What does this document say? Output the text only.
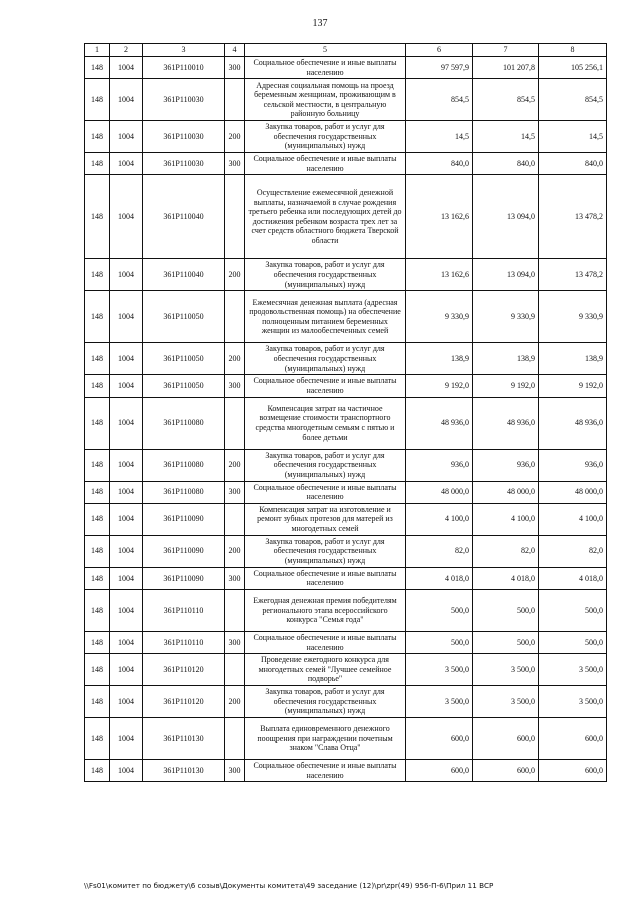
137
1	2	3	4	5	6	7	8
148	1004	361Р110010	300	Социальное обеспечение и иные выплаты населению	97 597,9	101 207,8	105 256,1
148	1004	361Р110030		Адресная социальная помощь на проезд беременным женщинам, проживающим в сельской местности, в центральную районную больницу	854,5	854,5	854,5
148	1004	361Р110030	200	Закупка товаров, работ и услуг для обеспечения государственных (муниципальных) нужд	14,5	14,5	14,5
148	1004	361Р110030	300	Социальное обеспечение и иные выплаты населению	840,0	840,0	840,0
148	1004	361Р110040		Осуществление ежемесячной денежной выплаты, назначаемой в случае рождения третьего ребенка или последующих детей до достижения ребенком возраста трех лет за счет средств областного бюджета Тверской области	13 162,6	13 094,0	13 478,2
148	1004	361Р110040	200	Закупка товаров, работ и услуг для обеспечения государственных (муниципальных) нужд	13 162,6	13 094,0	13 478,2
148	1004	361Р110050		Ежемесячная денежная выплата (адресная продовольственная помощь) на обеспечение полноценным питанием беременных женщин из малообеспеченных семей	9 330,9	9 330,9	9 330,9
148	1004	361Р110050	200	Закупка товаров, работ и услуг для обеспечения государственных (муниципальных) нужд	138,9	138,9	138,9
148	1004	361Р110050	300	Социальное обеспечение и иные выплаты населению	9 192,0	9 192,0	9 192,0
148	1004	361Р110080		Компенсация затрат на частичное возмещение стоимости транспортного средства многодетным семьям с пятью и более детьми	48 936,0	48 936,0	48 936,0
148	1004	361Р110080	200	Закупка товаров, работ и услуг для обеспечения государственных (муниципальных) нужд	936,0	936,0	936,0
148	1004	361Р110080	300	Социальное обеспечение и иные выплаты населению	48 000,0	48 000,0	48 000,0
148	1004	361Р110090		Компенсация затрат на изготовление и ремонт зубных протезов для матерей из многодетных семей	4 100,0	4 100,0	4 100,0
148	1004	361Р110090	200	Закупка товаров, работ и услуг для обеспечения государственных (муниципальных) нужд	82,0	82,0	82,0
148	1004	361Р110090	300	Социальное обеспечение и иные выплаты населению	4 018,0	4 018,0	4 018,0
148	1004	361Р110110		Ежегодная денежная премия победителям регионального этапа всероссийского конкурса "Семья года"	500,0	500,0	500,0
148	1004	361Р110110	300	Социальное обеспечение и иные выплаты населению	500,0	500,0	500,0
148	1004	361Р110120		Проведение ежегодного конкурса для многодетных семей "Лучшее семейное подворье"	3 500,0	3 500,0	3 500,0
148	1004	361Р110120	200	Закупка товаров, работ и услуг для обеспечения государственных (муниципальных) нужд	3 500,0	3 500,0	3 500,0
148	1004	361Р110130		Выплата единовременного денежного поощрения при награждении почетным знаком "Слава Отца"	600,0	600,0	600,0
148	1004	361Р110130	300	Социальное обеспечение и иные выплаты населению	600,0	600,0	600,0
\\Fs01\комитет по бюджету\6 созыв\Документы комитета\49 заседание (12)\pr\zpr(49) 956-П-6\Прил 11 ВСР
